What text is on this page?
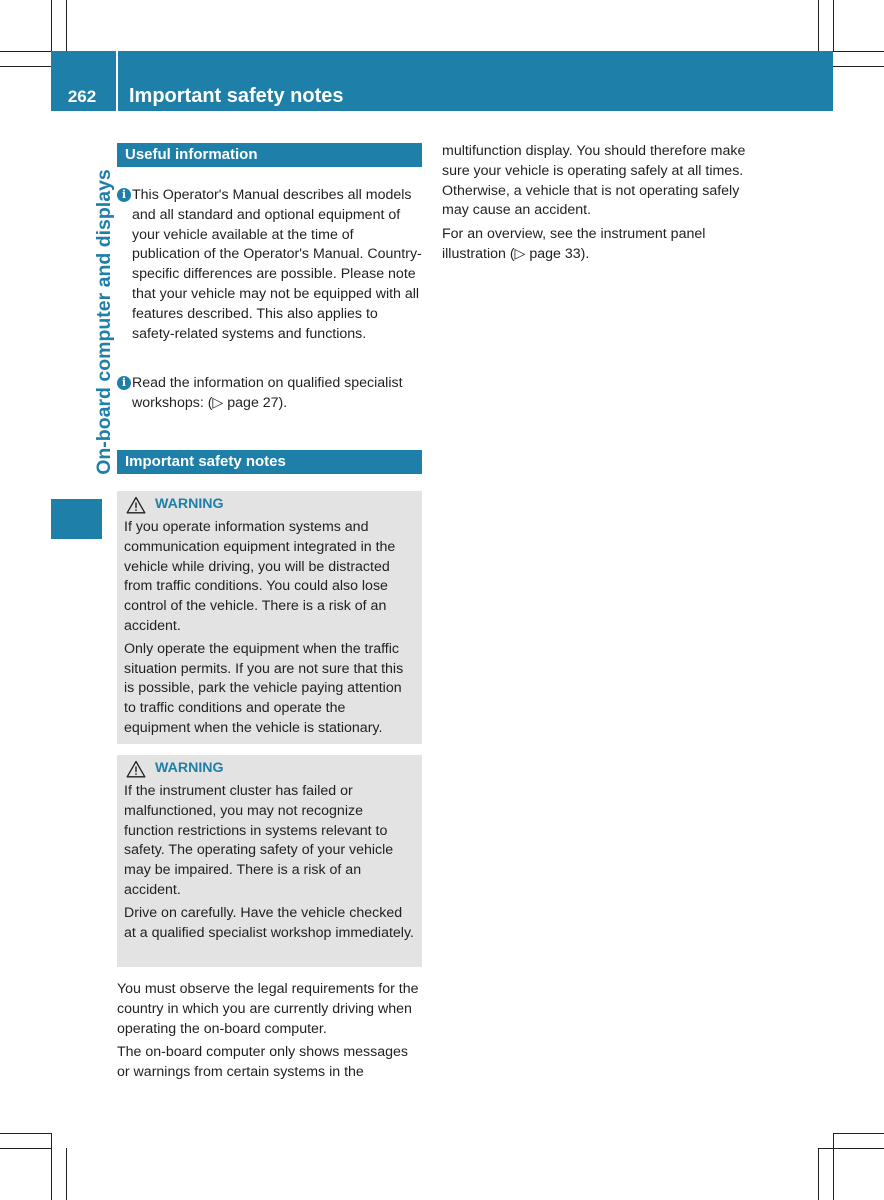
262	Important safety notes
On-board computer and displays
Useful information
i This Operator's Manual describes all models and all standard and optional equipment of your vehicle available at the time of publication of the Operator's Manual. Country-specific differences are possible. Please note that your vehicle may not be equipped with all features described. This also applies to safety-related systems and functions.

i Read the information on qualified specialist workshops: (▷ page 27).

Important safety notes
WARNING

If you operate information systems and communication equipment integrated in the vehicle while driving, you will be distracted from traffic conditions. You could also lose control of the vehicle. There is a risk of an accident.

Only operate the equipment when the traffic situation permits. If you are not sure that this is possible, park the vehicle paying attention to traffic conditions and operate the equipment when the vehicle is stationary.

WARNING

If the instrument cluster has failed or malfunctioned, you may not recognize function restrictions in systems relevant to safety. The operating safety of your vehicle may be impaired. There is a risk of an accident.

Drive on carefully. Have the vehicle checked at a qualified specialist workshop immediately.

You must observe the legal requirements for the country in which you are currently driving when operating the on-board computer.

The on-board computer only shows messages or warnings from certain systems in the

multifunction display. You should therefore make sure your vehicle is operating safely at all times. Otherwise, a vehicle that is not operating safely may cause an accident.

For an overview, see the instrument panel illustration (▷ page 33).
